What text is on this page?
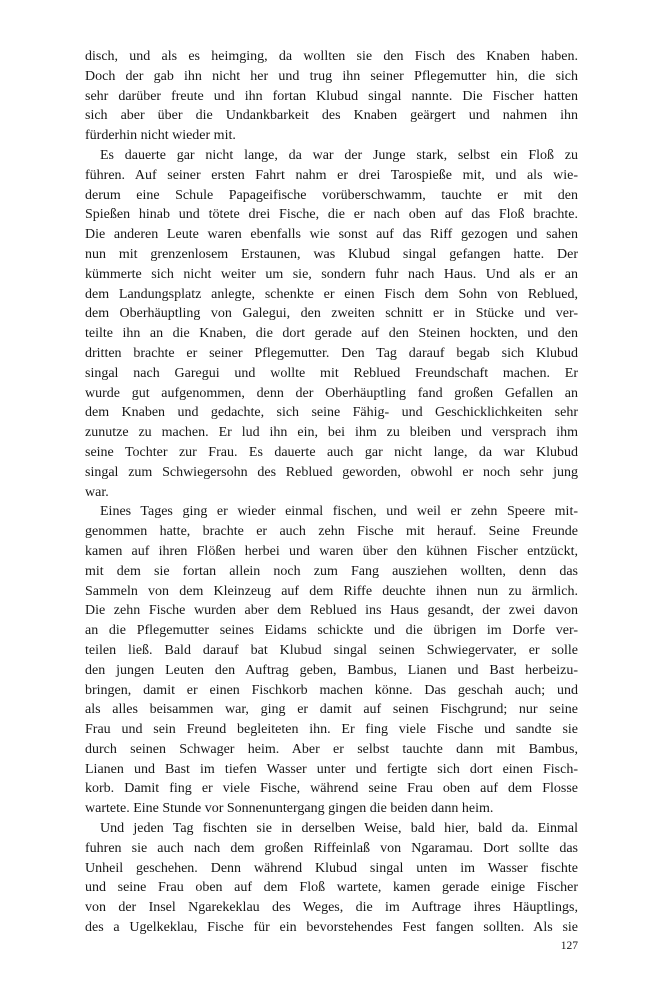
disch, und als es heimging, da wollten sie den Fisch des Knaben haben.
Doch der gab ihn nicht her und trug ihn seiner Pflegemutter hin, die sich
sehr darüber freute und ihn fortan Klubud singal nannte. Die Fischer hatten
sich aber über die Undankbarkeit des Knaben geärgert und nahmen ihn
fürderhin nicht wieder mit.
Es dauerte gar nicht lange, da war der Junge stark, selbst ein Floß zu
führen. Auf seiner ersten Fahrt nahm er drei Tarospieße mit, und als wie-
derum eine Schule Papageifische vorüberschwamm, tauchte er mit den
Spießen hinab und tötete drei Fische, die er nach oben auf das Floß brachte.
Die anderen Leute waren ebenfalls wie sonst auf das Riff gezogen und sahen
nun mit grenzenlosem Erstaunen, was Klubud singal gefangen hatte. Der
kümmerte sich nicht weiter um sie, sondern fuhr nach Haus. Und als er an
dem Landungsplatz anlegte, schenkte er einen Fisch dem Sohn von Reblued,
dem Oberhäuptling von Galegui, den zweiten schnitt er in Stücke und ver-
teilte ihn an die Knaben, die dort gerade auf den Steinen hockten, und den
dritten brachte er seiner Pflegemutter. Den Tag darauf begab sich Klubud
singal nach Garegui und wollte mit Reblued Freundschaft machen. Er
wurde gut aufgenommen, denn der Oberhäuptling fand großen Gefallen an
dem Knaben und gedachte, sich seine Fähig- und Geschicklichkeiten sehr
zunutze zu machen. Er lud ihn ein, bei ihm zu bleiben und versprach ihm
seine Tochter zur Frau. Es dauerte auch gar nicht lange, da war Klubud
singal zum Schwiegersohn des Reblued geworden, obwohl er noch sehr jung
war.
Eines Tages ging er wieder einmal fischen, und weil er zehn Speere mit-
genommen hatte, brachte er auch zehn Fische mit herauf. Seine Freunde
kamen auf ihren Flößen herbei und waren über den kühnen Fischer entzückt,
mit dem sie fortan allein noch zum Fang ausziehen wollten, denn das
Sammeln von dem Kleinzeug auf dem Riffe deuchte ihnen nun zu ärmlich.
Die zehn Fische wurden aber dem Reblued ins Haus gesandt, der zwei davon
an die Pflegemutter seines Eidams schickte und die übrigen im Dorfe ver-
teilen ließ. Bald darauf bat Klubud singal seinen Schwiegervater, er solle
den jungen Leuten den Auftrag geben, Bambus, Lianen und Bast herbeizu-
bringen, damit er einen Fischkorb machen könne. Das geschah auch; und
als alles beisammen war, ging er damit auf seinen Fischgrund; nur seine
Frau und sein Freund begleiteten ihn. Er fing viele Fische und sandte sie
durch seinen Schwager heim. Aber er selbst tauchte dann mit Bambus,
Lianen und Bast im tiefen Wasser unter und fertigte sich dort einen Fisch-
korb. Damit fing er viele Fische, während seine Frau oben auf dem Flosse
wartete. Eine Stunde vor Sonnenuntergang gingen die beiden dann heim.
Und jeden Tag fischten sie in derselben Weise, bald hier, bald da. Einmal
fuhren sie auch nach dem großen Riffeinlaß von Ngaramau. Dort sollte das
Unheil geschehen. Denn während Klubud singal unten im Wasser fischte
und seine Frau oben auf dem Floß wartete, kamen gerade einige Fischer
von der Insel Ngarekeklau des Weges, die im Auftrage ihres Häuptlings,
des a Ugelkeklau, Fische für ein bevorstehendes Fest fangen sollten. Als sie
127
